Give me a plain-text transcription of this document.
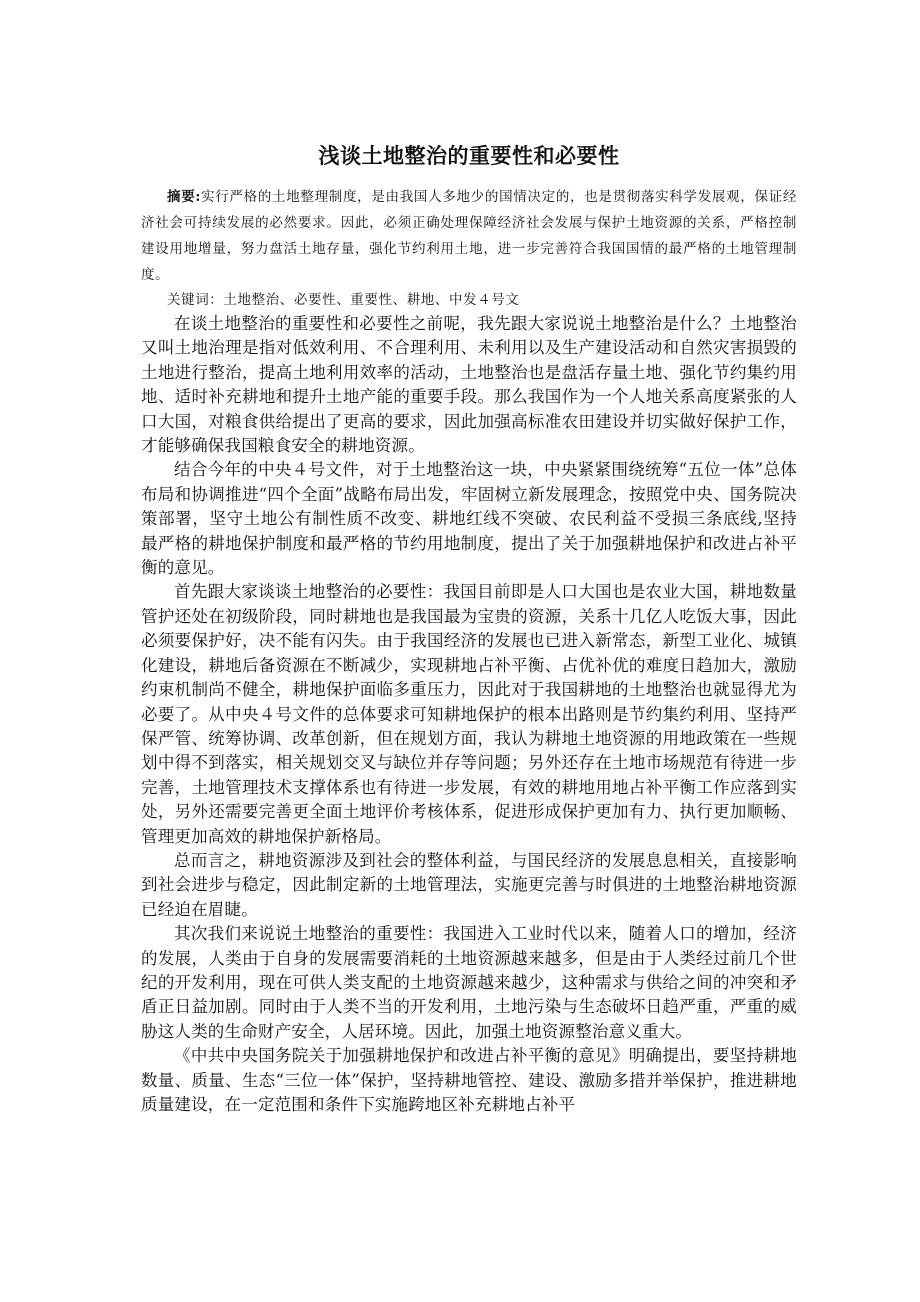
浅谈土地整治的重要性和必要性
摘要:实行严格的土地整理制度，是由我国人多地少的国情决定的，也是贯彻落实科学发展观，保证经济社会可持续发展的必然要求。因此，必须正确处理保障经济社会发展与保护土地资源的关系，严格控制建设用地增量，努力盘活土地存量，强化节约利用土地，进一步完善符合我国国情的最严格的土地管理制度。
关键词：土地整治、必要性、重要性、耕地、中发４号文

在谈土地整治的重要性和必要性之前呢，我先跟大家说说土地整治是什么？土地整治又叫土地治理是指对低效利用、不合理利用、未利用以及生产建设活动和自然灾害损毁的土地进行整治，提高土地利用效率的活动，土地整治也是盘活存量土地、强化节约集约用地、适时补充耕地和提升土地产能的重要手段。那么我国作为一个人地关系高度紧张的人口大国，对粮食供给提出了更高的要求，因此加强高标准农田建设并切实做好保护工作，才能够确保我国粮食安全的耕地资源。

结合今年的中央４号文件，对于土地整治这一块，中央紧紧围绕统筹“五位一体”总体布局和协调推进“四个全面”战略布局出发，牢固树立新发展理念，按照党中央、国务院决策部署，坚守土地公有制性质不改变、耕地红线不突破、农民利益不受损三条底线,坚持最严格的耕地保护制度和最严格的节约用地制度，提出了关于加强耕地保护和改进占补平衡的意见。

首先跟大家谈谈土地整治的必要性：我国目前即是人口大国也是农业大国，耕地数量管护还处在初级阶段，同时耕地也是我国最为宝贵的资源，关系十几亿人吃饭大事，因此必须要保护好，决不能有闪失。由于我国经济的发展也已进入新常态，新型工业化、城镇化建设，耕地后备资源在不断减少，实现耕地占补平衡、占优补优的难度日趋加大，激励约束机制尚不健全，耕地保护面临多重压力，因此对于我国耕地的土地整治也就显得尤为必要了。从中央４号文件的总体要求可知耕地保护的根本出路则是节约集约利用、坚持严保严管、统筹协调、改革创新，但在规划方面，我认为耕地土地资源的用地政策在一些规划中得不到落实，相关规划交叉与缺位并存等问题；另外还存在土地市场规范有待进一步完善，土地管理技术支撑体系也有待进一步发展，有效的耕地用地占补平衡工作应落到实处，另外还需要完善更全面土地评价考核体系，促进形成保护更加有力、执行更加顺畅、管理更加高效的耕地保护新格局。

总而言之，耕地资源涉及到社会的整体利益，与国民经济的发展息息相关，直接影响到社会进步与稳定，因此制定新的土地管理法，实施更完善与时俱进的土地整治耕地资源已经迫在眉睫。

其次我们来说说土地整治的重要性：我国进入工业时代以来，随着人口的增加，经济的发展，人类由于自身的发展需要消耗的土地资源越来越多，但是由于人类经过前几个世纪的开发利用，现在可供人类支配的土地资源越来越少，这种需求与供给之间的冲突和矛盾正日益加剧。同时由于人类不当的开发利用，土地污染与生态破坏日趋严重，严重的威胁这人类的生命财产安全，人居环境。因此，加强土地资源整治意义重大。

《中共中央国务院关于加强耕地保护和改进占补平衡的意见》明确提出，要坚持耕地数量、质量、生态“三位一体”保护，坚持耕地管控、建设、激励多措并举保护，推进耕地质量建设，在一定范围和条件下实施跨地区补充耕地占补平
